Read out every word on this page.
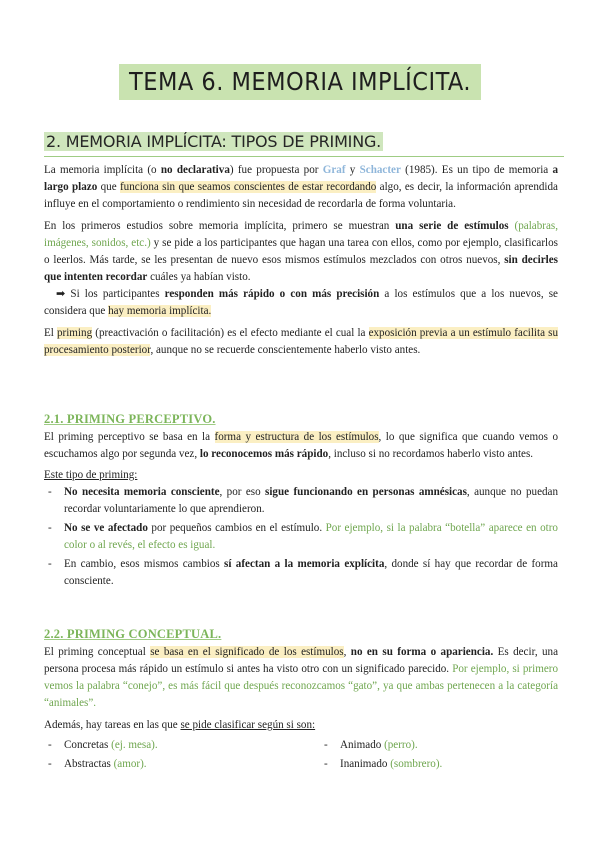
TEMA 6. MEMORIA IMPLÍCITA.
2. MEMORIA IMPLÍCITA: TIPOS DE PRIMING.

La memoria implícita (o no declarativa) fue propuesta por Graf y Schacter (1985). Es un tipo de memoria a largo plazo que funciona sin que seamos conscientes de estar recordando algo, es decir, la información aprendida influye en el comportamiento o rendimiento sin necesidad de recordarla de forma voluntaria.

En los primeros estudios sobre memoria implícita, primero se muestran una serie de estímulos (palabras, imágenes, sonidos, etc.) y se pide a los participantes que hagan una tarea con ellos, como por ejemplo, clasificarlos o leerlos. Más tarde, se les presentan de nuevo esos mismos estímulos mezclados con otros nuevos, sin decirles que intenten recordar cuáles ya habían visto.

➡ Si los participantes responden más rápido o con más precisión a los estímulos que a los nuevos, se considera que hay memoria implícita.

El priming (preactivación o facilitación) es el efecto mediante el cual la exposición previa a un estímulo facilita su procesamiento posterior, aunque no se recuerde conscientemente haberlo visto antes.

2.1. PRIMING PERCEPTIVO.

El priming perceptivo se basa en la forma y estructura de los estímulos, lo que significa que cuando vemos o escuchamos algo por segunda vez, lo reconocemos más rápido, incluso si no recordamos haberlo visto antes.

Este tipo de priming:

- No necesita memoria consciente, por eso sigue funcionando en personas amnésicas, aunque no puedan recordar voluntariamente lo que aprendieron.
- No se ve afectado por pequeños cambios en el estímulo. Por ejemplo, si la palabra “botella” aparece en otro color o al revés, el efecto es igual.
- En cambio, esos mismos cambios sí afectan a la memoria explícita, donde sí hay que recordar de forma consciente.
2.2. PRIMING CONCEPTUAL.

El priming conceptual se basa en el significado de los estímulos, no en su forma o apariencia. Es decir, una persona procesa más rápido un estímulo si antes ha visto otro con un significado parecido. Por ejemplo, si primero vemos la palabra “conejo”, es más fácil que después reconozcamos “gato”, ya que ambas pertenecen a la categoría “animales”.

Además, hay tareas en las que se pide clasificar según si son:

- Concretas (ej. mesa).
- Abstractas (amor).
- Animado (perro).
- Inanimado (sombrero).
